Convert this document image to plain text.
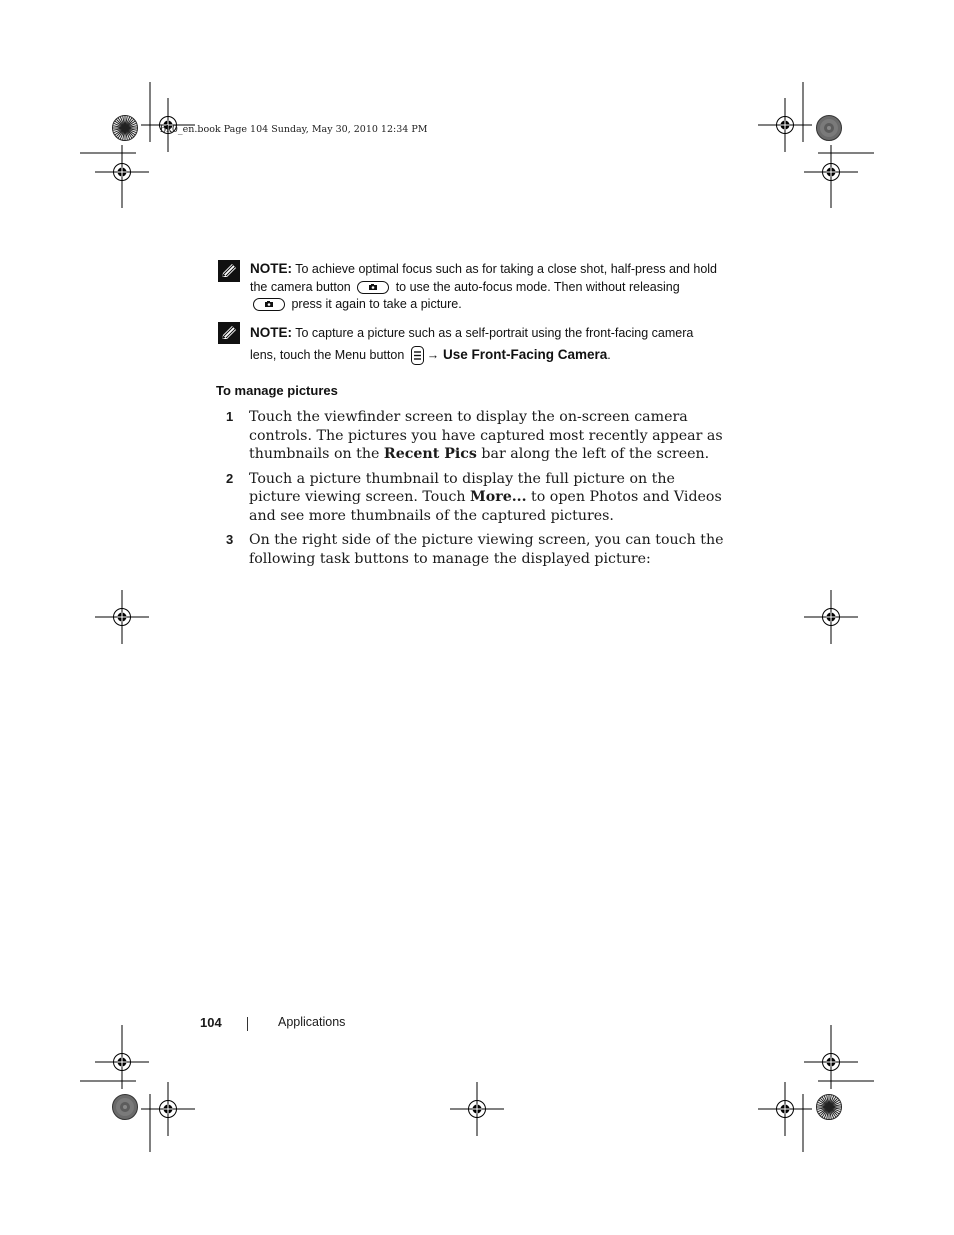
bk0_en.book Page 104 Sunday, May 30, 2010 12:34 PM
NOTE: To achieve optimal focus such as for taking a close shot, half-press and hold the camera button	to use the auto-focus mode. Then without releasing  press it again to take a picture.
NOTE: To capture a picture such as a self-portrait using the front-facing camera lens, touch the Menu button → Use Front-Facing Camera.
To manage pictures
1 Touch the viewfinder screen to display the on-screen camera controls. The pictures you have captured most recently appear as thumbnails on the Recent Pics bar along the left of the screen.
2 Touch a picture thumbnail to display the full picture on the picture viewing screen. Touch More... to open Photos and Videos and see more thumbnails of the captured pictures.
3 On the right side of the picture viewing screen, you can touch the following task buttons to manage the displayed picture:
104	Applications
